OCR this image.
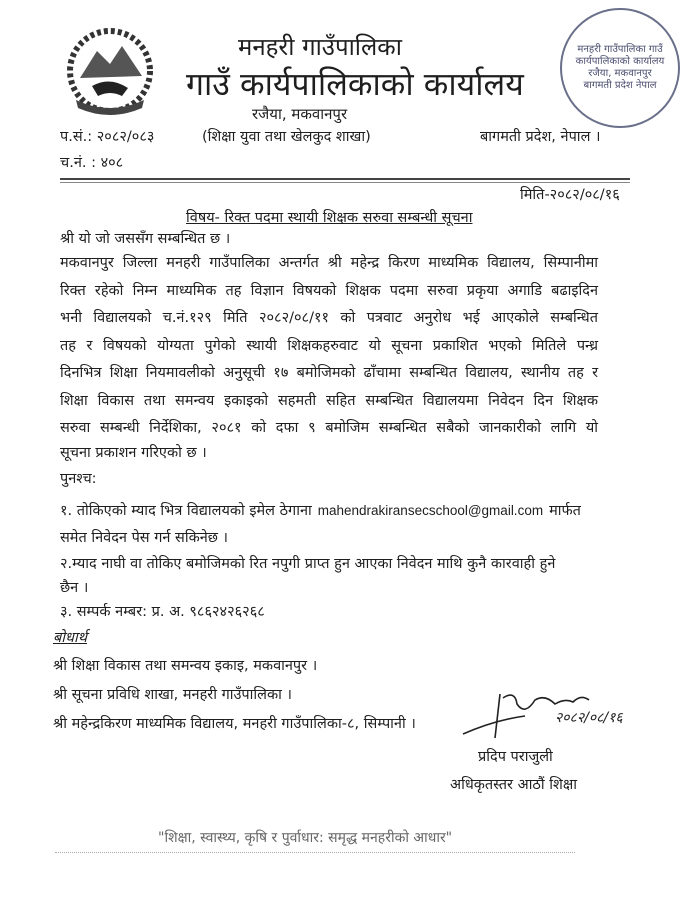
मनहरी गाउँपालिका
गाउँ कार्यपालिकाको कार्यालय
रजैया, मकवानपुर
प.सं.: २०८२/०८३	(शिक्षा युवा तथा खेलकुद शाखा)	बागमती प्रदेश, नेपाल ।
च.नं. : ४०८
मनहरी गाउँपालिका गाउँ कार्यपालिकाको कार्यालय रजैया, मकवानपुर बागमती प्रदेश नेपाल
मिति-२०८२/०८/१६
विषय- रिक्त पदमा स्थायी शिक्षक सरुवा सम्बन्धी सूचना
श्री यो जो जससँग सम्बन्धित छ ।
मकवानपुर जिल्ला मनहरी गाउँपालिका अन्तर्गत श्री महेन्द्र किरण माध्यमिक विद्यालय, सिम्पानीमा
रिक्त रहेको निम्न माध्यमिक तह विज्ञान विषयको शिक्षक पदमा सरुवा प्रकृया अगाडि बढाइदिन
भनी विद्यालयको च.नं.१२९ मिति २०८२/०८/११ को पत्रवाट अनुरोध भई आएकोले सम्बन्धित
तह र विषयको योग्यता पुगेको स्थायी शिक्षकहरुवाट यो सूचना प्रकाशित भएको मितिले पन्ध्र
दिनभित्र शिक्षा नियमावलीको अनुसूची १७ बमोजिमको ढाँचामा सम्बन्धित विद्यालय, स्थानीय तह र
शिक्षा विकास तथा समन्वय इकाइको सहमती सहित सम्बन्धित विद्यालयमा निवेदन दिन शिक्षक
सरुवा सम्बन्धी निर्देशिका, २०८१ को दफा ९ बमोजिम सम्बन्धित सबैको जानकारीको लागि यो
सूचना प्रकाशन गरिएको छ ।
पुनश्च:
१. तोकिएको म्याद भित्र विद्यालयको इमेल ठेगाना mahendrakiransecschool@gmail.com मार्फत
समेत निवेदन पेस गर्न सकिनेछ ।
२.म्याद नाघी वा तोकिए बमोजिमको रित नपुगी प्राप्त हुन आएका निवेदन माथि कुनै कारवाही हुने
छैन ।
३. सम्पर्क नम्बर: प्र. अ. ९८६२४२६२६८
बोधार्थ
श्री शिक्षा विकास तथा समन्वय इकाइ, मकवानपुर ।
श्री सूचना प्रविधि शाखा, मनहरी गाउँपालिका ।
श्री महेन्द्रकिरण माध्यमिक विद्यालय, मनहरी गाउँपालिका-८, सिम्पानी ।	२०८२/०८/१६
प्रदिप पराजुली
अधिकृतस्तर आठौं शिक्षा
"शिक्षा, स्वास्थ्य, कृषि र पुर्वाधार: समृद्ध मनहरीको आधार"
